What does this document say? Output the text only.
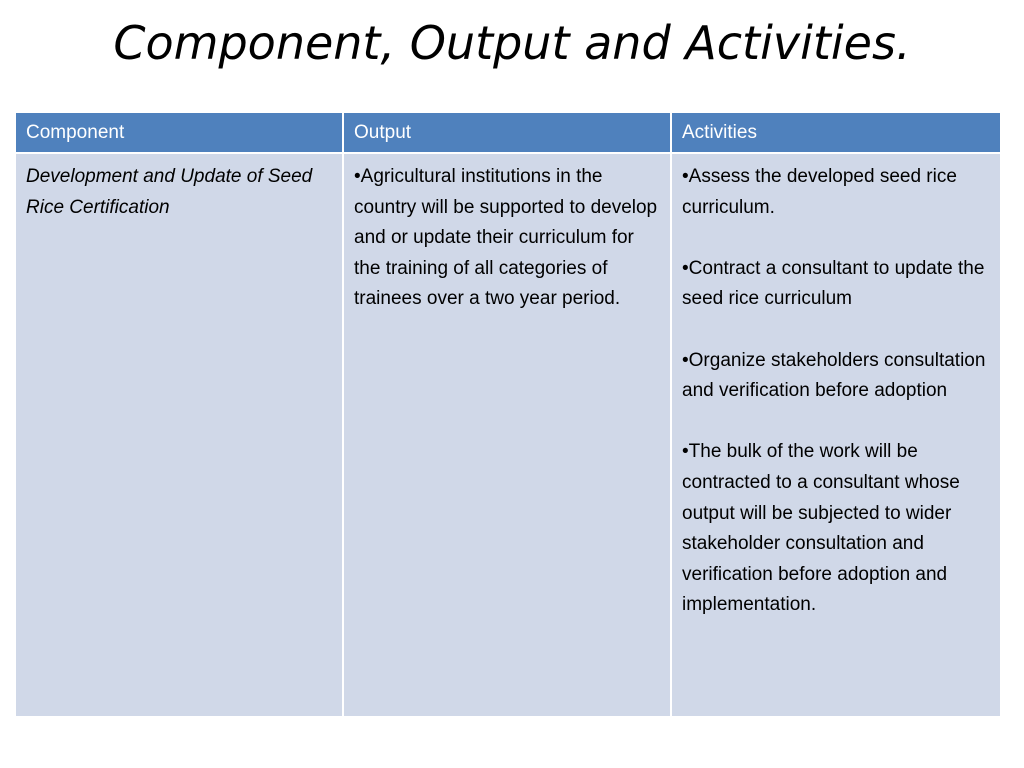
Component, Output and Activities.
Component	Output	Activities
Development and Update of Seed Rice Certification	•Agricultural institutions in the country will be supported to develop and or update their curriculum for the training of all categories of trainees over a two year period.	•Assess the developed seed rice curriculum.

•Contract a consultant to update the seed rice curriculum

•Organize stakeholders consultation and verification before adoption

•The bulk of the work will be contracted to a consultant whose output will be subjected to wider stakeholder consultation and verification before adoption and implementation.
